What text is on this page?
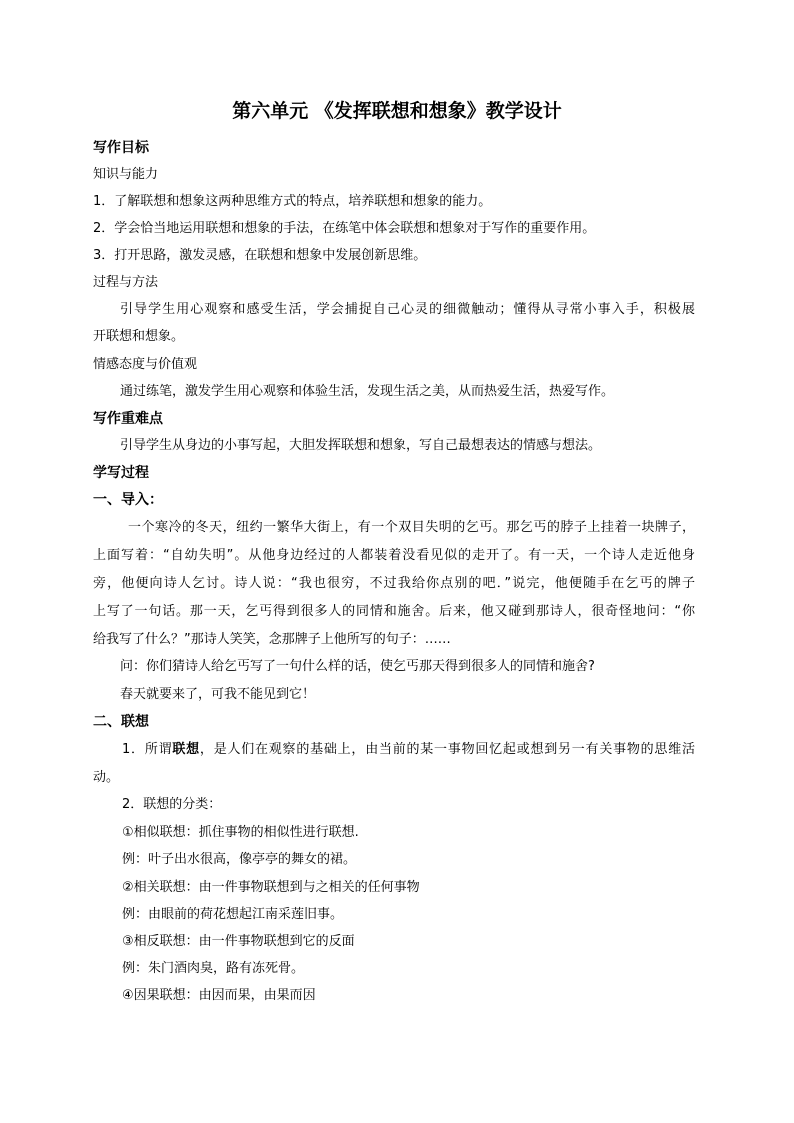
第六单元 《发挥联想和想象》教学设计
写作目标
知识与能力
1．了解联想和想象这两种思维方式的特点，培养联想和想象的能力。
2．学会恰当地运用联想和想象的手法，在练笔中体会联想和想象对于写作的重要作用。
3．打开思路，激发灵感，在联想和想象中发展创新思维。
过程与方法
引导学生用心观察和感受生活，学会捕捉自己心灵的细微触动；懂得从寻常小事入手，积极展
开联想和想象。
情感态度与价值观
通过练笔，激发学生用心观察和体验生活，发现生活之美，从而热爱生活，热爱写作。
写作重难点
引导学生从身边的小事写起，大胆发挥联想和想象，写自己最想表达的情感与想法。
学写过程
一、导入：
一个寒冷的冬天，纽约一繁华大街上，有一个双目失明的乞丐。那乞丐的脖子上挂着一块牌子，
上面写着：“自幼失明”。从他身边经过的人都装着没看见似的走开了。有一天，一个诗人走近他身
旁，他便向诗人乞讨。诗人说：“我也很穷，不过我给你点别的吧．”说完，他便随手在乞丐的牌子
上写了一句话。那一天，乞丐得到很多人的同情和施舍。后来，他又碰到那诗人，很奇怪地问：“你
给我写了什么？”那诗人笑笑，念那牌子上他所写的句子：……
问：你们猜诗人给乞丐写了一句什么样的话，使乞丐那天得到很多人的同情和施舍?
春天就要来了，可我不能见到它！
二、联想
1．所谓联想，是人们在观察的基础上，由当前的某一事物回忆起或想到另一有关事物的思维活
动。
2．联想的分类：
①相似联想：抓住事物的相似性进行联想.
例：叶子出水很高，像亭亭的舞女的裙。
②相关联想：由一件事物联想到与之相关的任何事物
例：由眼前的荷花想起江南采莲旧事。
③相反联想：由一件事物联想到它的反面
例：朱门酒肉臭，路有冻死骨。
④因果联想：由因而果，由果而因
